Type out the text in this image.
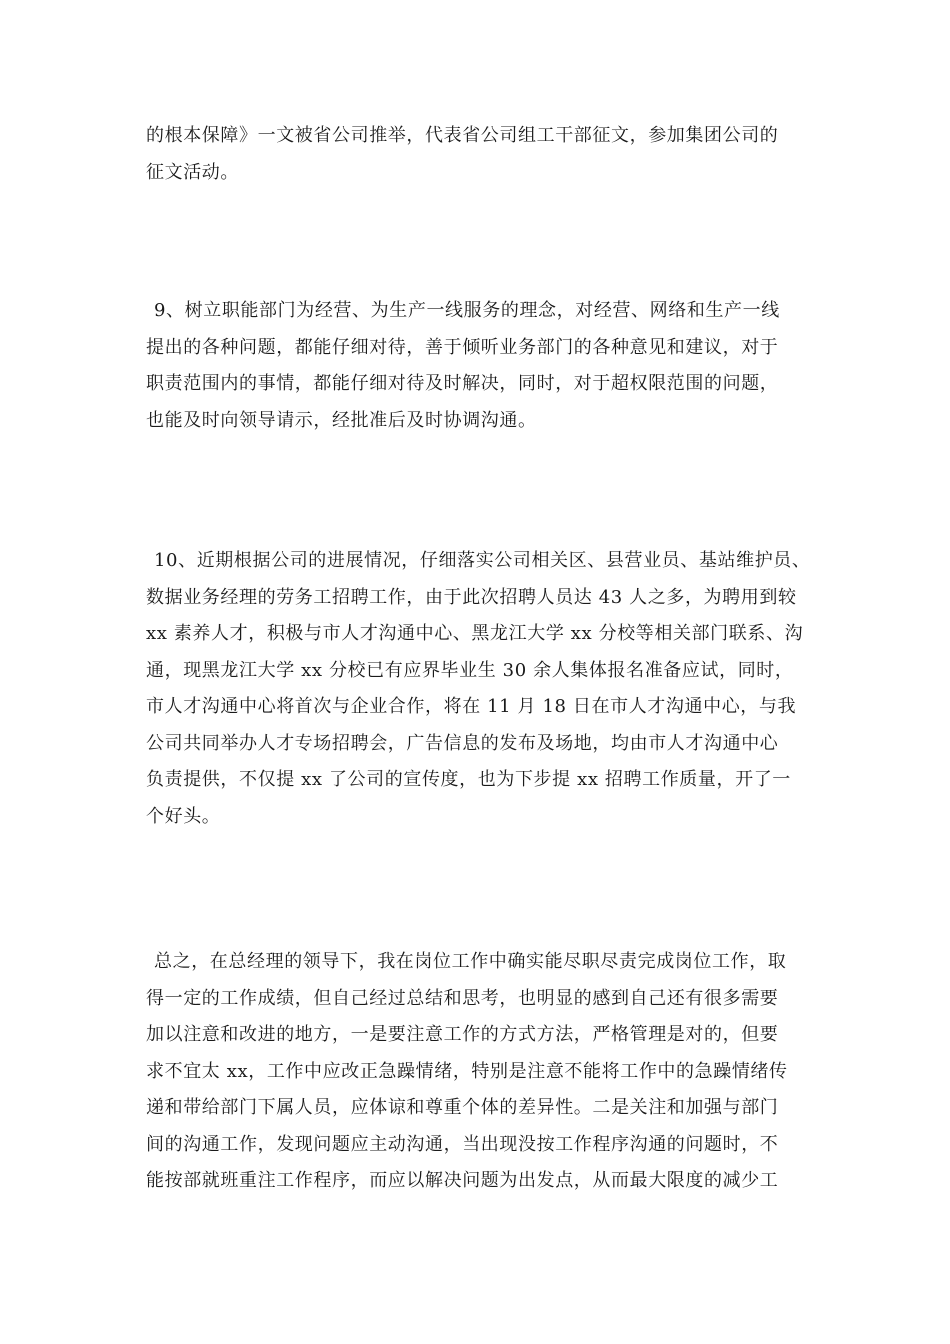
的根本保障》一文被省公司推举，代表省公司组工干部征文，参加集团公司的
征文活动。
9、树立职能部门为经营、为生产一线服务的理念，对经营、网络和生产一线
提出的各种问题，都能仔细对待，善于倾听业务部门的各种意见和建议，对于
职责范围内的事情，都能仔细对待及时解决，同时，对于超权限范围的问题，
也能及时向领导请示，经批准后及时协调沟通。
10、近期根据公司的进展情况，仔细落实公司相关区、县营业员、基站维护员、
数据业务经理的劳务工招聘工作，由于此次招聘人员达 43 人之多，为聘用到较
xx 素养人才，积极与市人才沟通中心、黑龙江大学 xx 分校等相关部门联系、沟
通，现黑龙江大学 xx 分校已有应界毕业生 30 余人集体报名准备应试，同时，
市人才沟通中心将首次与企业合作，将在 11 月 18 日在市人才沟通中心，与我
公司共同举办人才专场招聘会，广告信息的发布及场地，均由市人才沟通中心
负责提供，不仅提 xx 了公司的宣传度，也为下步提 xx 招聘工作质量，开了一
个好头。
总之，在总经理的领导下，我在岗位工作中确实能尽职尽责完成岗位工作，取
得一定的工作成绩，但自己经过总结和思考，也明显的感到自己还有很多需要
加以注意和改进的地方，一是要注意工作的方式方法，严格管理是对的，但要
求不宜太 xx，工作中应改正急躁情绪，特别是注意不能将工作中的急躁情绪传
递和带给部门下属人员，应体谅和尊重个体的差异性。二是关注和加强与部门
间的沟通工作，发现问题应主动沟通，当出现没按工作程序沟通的问题时，不
能按部就班重注工作程序，而应以解决问题为出发点，从而最大限度的减少工
